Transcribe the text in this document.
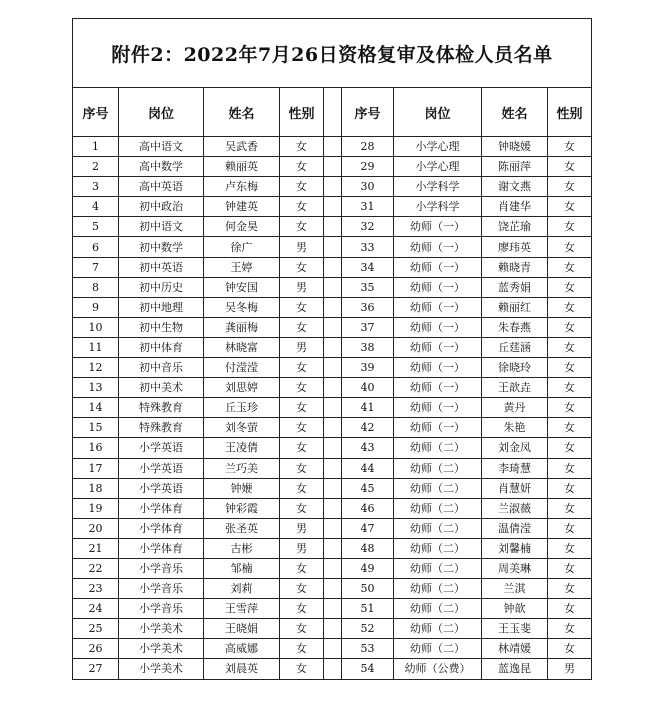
附件2：2022年7月26日资格复审及体检人员名单								
序号	岗位	姓名	性别		序号	岗位	姓名	性别
1	高中语文	吴武香	女		28	小学心理	钟晓媛	女
2	高中数学	赖丽英	女		29	小学心理	陈丽萍	女
3	高中英语	卢东梅	女		30	小学科学	谢文燕	女
4	初中政治	钟建英	女		31	小学科学	肖建华	女
5	初中语文	何金昊	女		32	幼师（一）	饶芷瑜	女
6	初中数学	徐广	男		33	幼师（一）	廖玮英	女
7	初中英语	王婷	女		34	幼师（一）	赖晓青	女
8	初中历史	钟安国	男		35	幼师（一）	蓝秀娟	女
9	初中地理	吴冬梅	女		36	幼师（一）	赖丽红	女
10	初中生物	龚丽梅	女		37	幼师（一）	朱春燕	女
11	初中体育	林晓富	男		38	幼师（一）	丘莛涵	女
12	初中音乐	付滢滢	女		39	幼师（一）	徐晓玲	女
13	初中美术	刘思婷	女		40	幼师（一）	王歆垚	女
14	特殊教育	丘玉珍	女		41	幼师（一）	黄丹	女
15	特殊教育	刘冬萤	女		42	幼师（一）	朱艳	女
16	小学英语	王凌倩	女		43	幼师（二）	刘金凤	女
17	小学英语	兰巧美	女		44	幼师（二）	李琦慧	女
18	小学英语	钟㛹	女		45	幼师（二）	肖慧妍	女
19	小学体育	钟彩霞	女		46	幼师（二）	兰淑薇	女
20	小学体育	张圣英	男		47	幼师（二）	温倩滢	女
21	小学体育	古彬	男		48	幼师（二）	刘馨楠	女
22	小学音乐	邹楠	女		49	幼师（二）	周美琳	女
23	小学音乐	刘莉	女		50	幼师（二）	兰淇	女
24	小学音乐	王雪萍	女		51	幼师（二）	钟歆	女
25	小学美术	王晓娟	女		52	幼师（二）	王玉斐	女
26	小学美术	高威娜	女		53	幼师（二）	林靖媛	女
27	小学美术	刘晨英	女		54	幼师（公费）	蓝逸昆	男
